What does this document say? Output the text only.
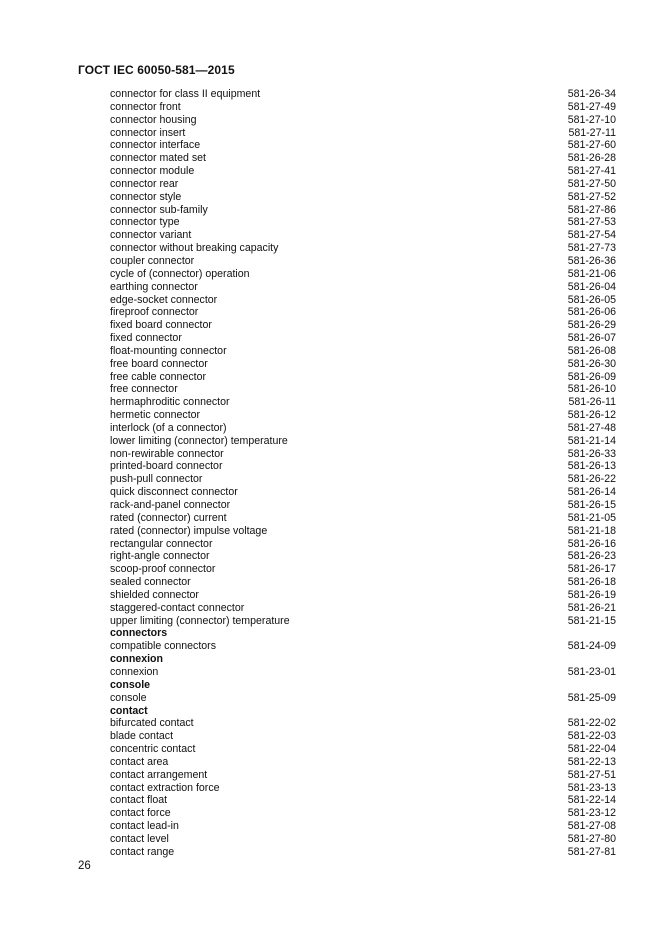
ГОСТ IEC 60050-581—2015
connector for class II equipment	581-26-34
connector front	581-27-49
connector housing	581-27-10
connector insert	581-27-11
connector interface	581-27-60
connector mated set	581-26-28
connector module	581-27-41
connector rear	581-27-50
connector style	581-27-52
connector sub-family	581-27-86
connector type	581-27-53
connector variant	581-27-54
connector without breaking capacity	581-27-73
coupler connector	581-26-36
cycle of (connector) operation	581-21-06
earthing connector	581-26-04
edge-socket connector	581-26-05
fireproof connector	581-26-06
fixed board connector	581-26-29
fixed connector	581-26-07
float-mounting connector	581-26-08
free board connector	581-26-30
free cable connector	581-26-09
free connector	581-26-10
hermaphroditic connector	581-26-11
hermetic connector	581-26-12
interlock (of a connector)	581-27-48
lower limiting (connector) temperature	581-21-14
non-rewirable connector	581-26-33
printed-board connector	581-26-13
push-pull connector	581-26-22
quick disconnect connector	581-26-14
rack-and-panel connector	581-26-15
rated (connector) current	581-21-05
rated (connector) impulse voltage	581-21-18
rectangular connector	581-26-16
right-angle connector	581-26-23
scoop-proof connector	581-26-17
sealed connector	581-26-18
shielded connector	581-26-19
staggered-contact connector	581-26-21
upper limiting (connector) temperature	581-21-15
connectors
compatible connectors	581-24-09
connexion
connexion	581-23-01
console
console	581-25-09
contact
bifurcated contact	581-22-02
blade contact	581-22-03
concentric contact	581-22-04
contact area	581-22-13
contact arrangement	581-27-51
contact extraction force	581-23-13
contact float	581-22-14
contact force	581-23-12
contact lead-in	581-27-08
contact level	581-27-80
contact range	581-27-81
26
